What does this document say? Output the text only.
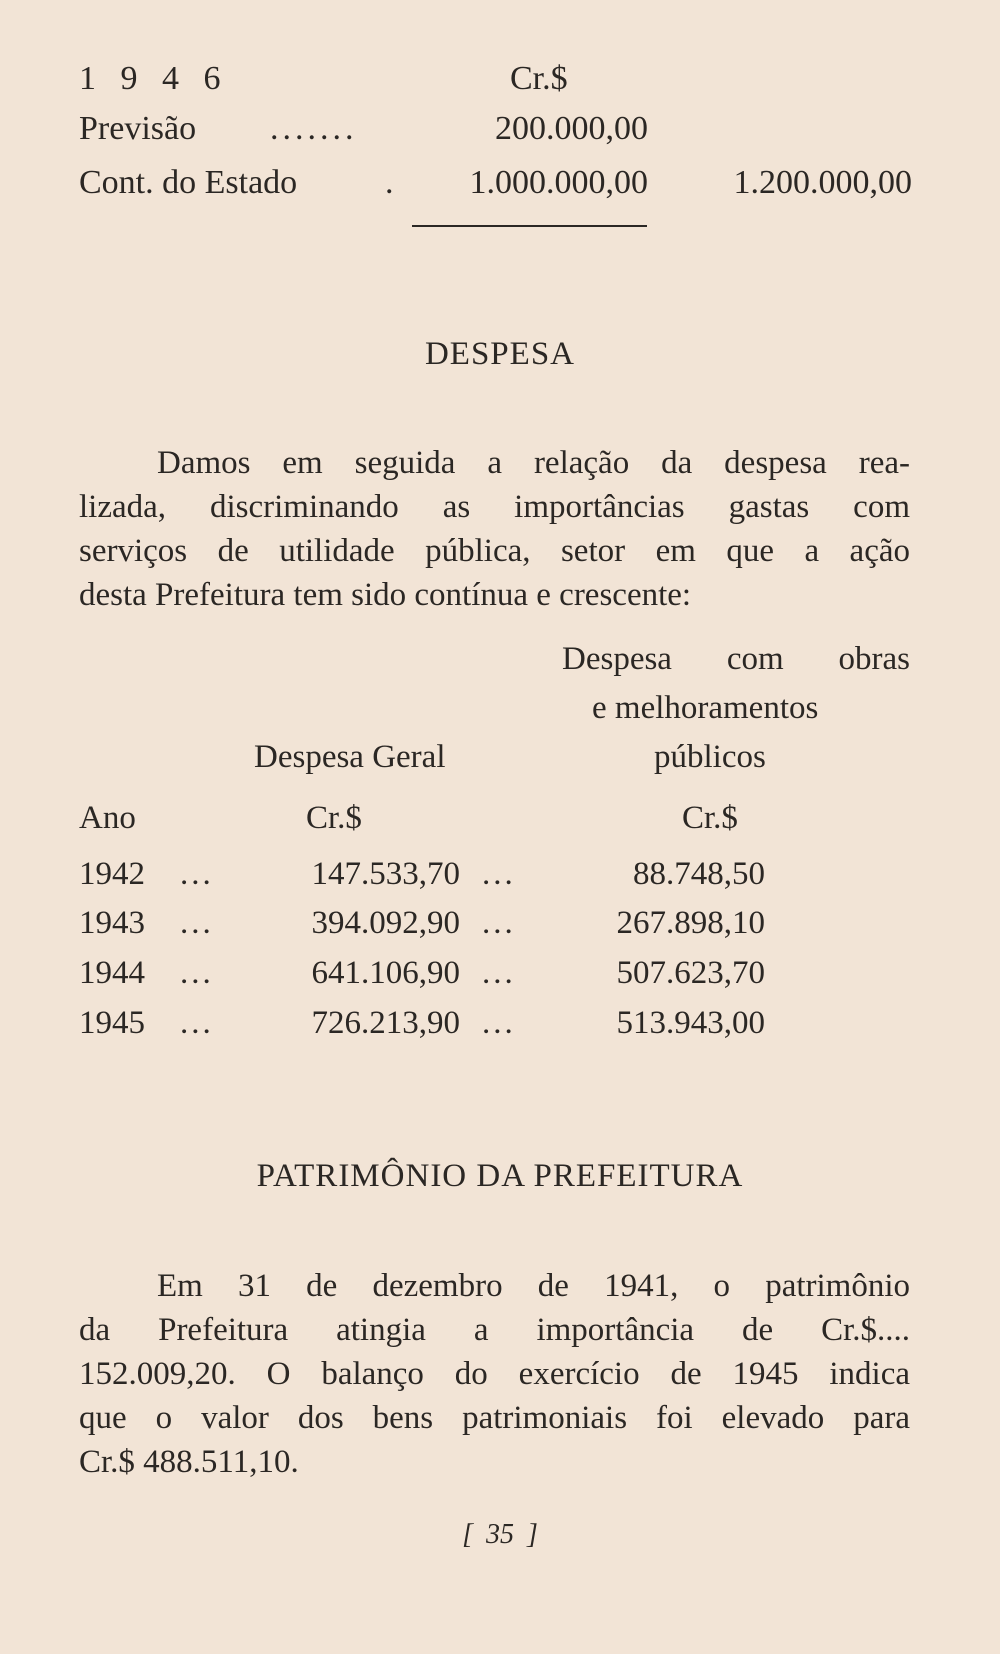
1 9 4 6	Cr.$
Previsão .......	200.000,00
Cont. do Estado	.	1.000.000,00	1.200.000,00
DESPESA
Damos em seguida a relação da despesa rea-
lizada, discriminando as importâncias gastas com
serviços de utilidade pública, setor em que a ação
desta Prefeitura tem sido contínua e crescente:
Despesa com obras
e melhoramentos
Despesa Geral	públicos
Ano	Cr.$	Cr.$
1942 ...	147.533,70 ...	88.748,50
1943 ...	394.092,90 ...	267.898,10
1944 ...	641.106,90 ...	507.623,70
1945 ...	726.213,90 ...	513.943,00
PATRIMÔNIO DA PREFEITURA
Em 31 de dezembro de 1941, o patrimônio
da Prefeitura atingia a importância de Cr.$....
152.009,20. O balanço do exercício de 1945 indica
que o valor dos bens patrimoniais foi elevado para
Cr.$ 488.511,10.
[ 35 ]
